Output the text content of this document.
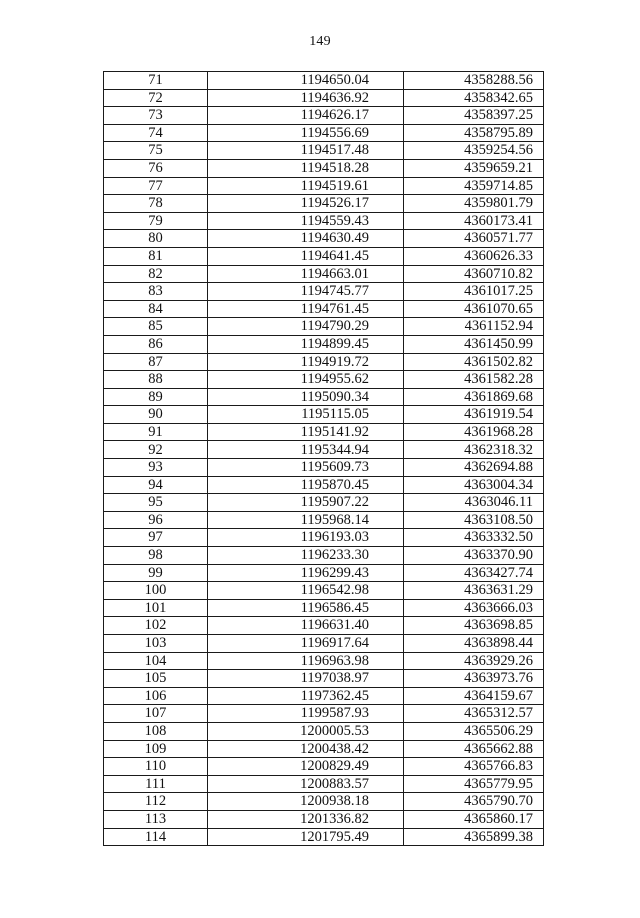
149
71	1194650.04	4358288.56
72	1194636.92	4358342.65
73	1194626.17	4358397.25
74	1194556.69	4358795.89
75	1194517.48	4359254.56
76	1194518.28	4359659.21
77	1194519.61	4359714.85
78	1194526.17	4359801.79
79	1194559.43	4360173.41
80	1194630.49	4360571.77
81	1194641.45	4360626.33
82	1194663.01	4360710.82
83	1194745.77	4361017.25
84	1194761.45	4361070.65
85	1194790.29	4361152.94
86	1194899.45	4361450.99
87	1194919.72	4361502.82
88	1194955.62	4361582.28
89	1195090.34	4361869.68
90	1195115.05	4361919.54
91	1195141.92	4361968.28
92	1195344.94	4362318.32
93	1195609.73	4362694.88
94	1195870.45	4363004.34
95	1195907.22	4363046.11
96	1195968.14	4363108.50
97	1196193.03	4363332.50
98	1196233.30	4363370.90
99	1196299.43	4363427.74
100	1196542.98	4363631.29
101	1196586.45	4363666.03
102	1196631.40	4363698.85
103	1196917.64	4363898.44
104	1196963.98	4363929.26
105	1197038.97	4363973.76
106	1197362.45	4364159.67
107	1199587.93	4365312.57
108	1200005.53	4365506.29
109	1200438.42	4365662.88
110	1200829.49	4365766.83
111	1200883.57	4365779.95
112	1200938.18	4365790.70
113	1201336.82	4365860.17
114	1201795.49	4365899.38
